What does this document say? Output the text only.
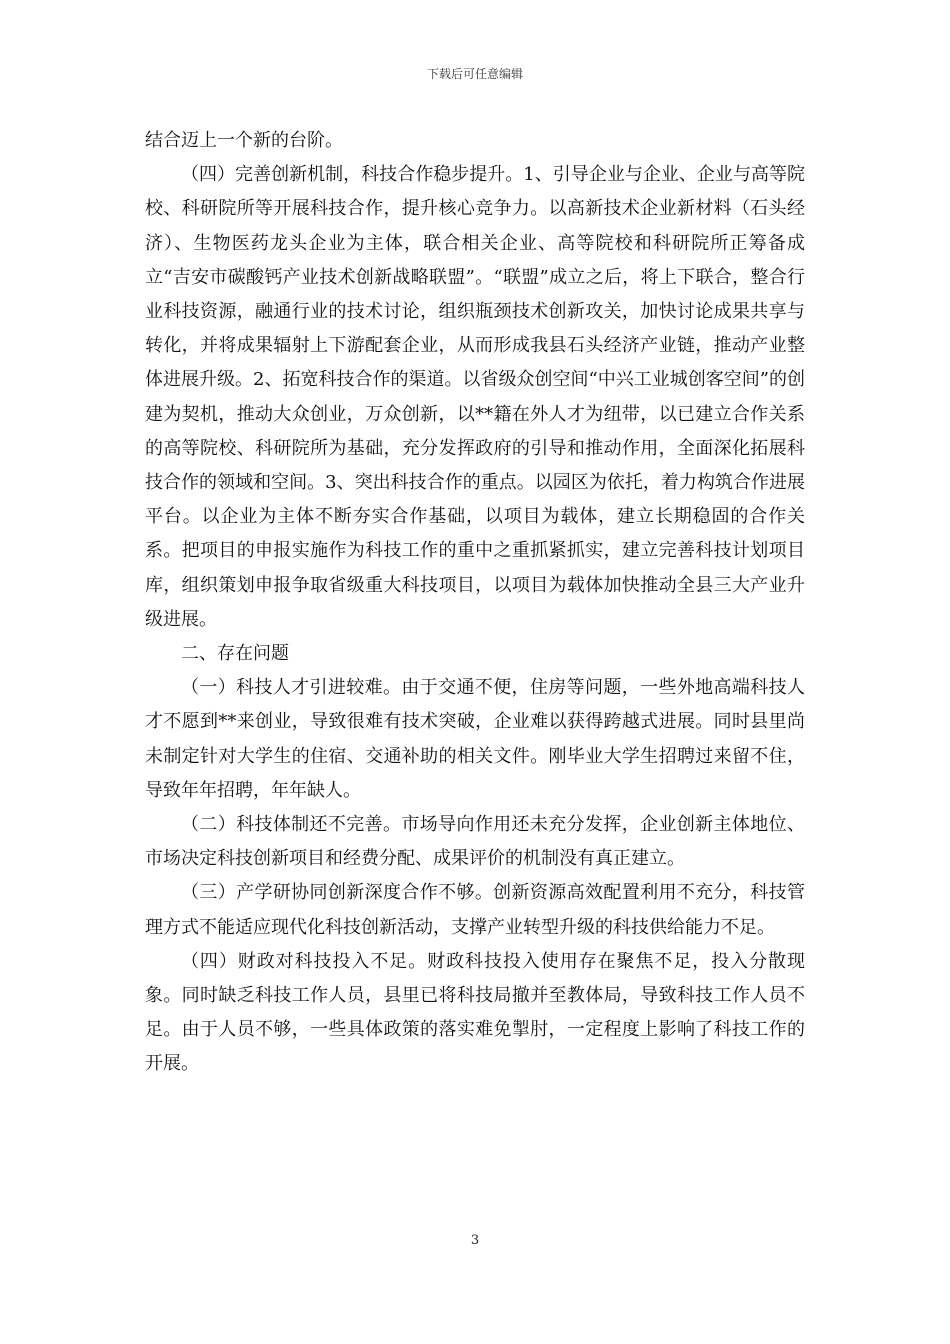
下载后可任意编辑

结合迈上一个新的台阶。

（四）完善创新机制，科技合作稳步提升。1、引导企业与企业、企业与高等院校、科研院所等开展科技合作，提升核心竞争力。以高新技术企业新材料（石头经济）、生物医药龙头企业为主体，联合相关企业、高等院校和科研院所正筹备成立“吉安市碳酸钙产业技术创新战略联盟”。“联盟”成立之后，将上下联合，整合行业科技资源，融通行业的技术讨论，组织瓶颈技术创新攻关，加快讨论成果共享与转化，并将成果辐射上下游配套企业，从而形成我县石头经济产业链，推动产业整体进展升级。2、拓宽科技合作的渠道。以省级众创空间“中兴工业城创客空间”的创建为契机，推动大众创业，万众创新，以**籍在外人才为纽带，以已建立合作关系的高等院校、科研院所为基础，充分发挥政府的引导和推动作用，全面深化拓展科技合作的领域和空间。3、突出科技合作的重点。以园区为依托，着力构筑合作进展平台。以企业为主体不断夯实合作基础，以项目为载体，建立长期稳固的合作关系。把项目的申报实施作为科技工作的重中之重抓紧抓实，建立完善科技计划项目库，组织策划申报争取省级重大科技项目，以项目为载体加快推动全县三大产业升级进展。

二、存在问题

（一）科技人才引进较难。由于交通不便，住房等问题，一些外地高端科技人才不愿到**来创业，导致很难有技术突破，企业难以获得跨越式进展。同时县里尚未制定针对大学生的住宿、交通补助的相关文件。刚毕业大学生招聘过来留不住，导致年年招聘，年年缺人。

（二）科技体制还不完善。市场导向作用还未充分发挥，企业创新主体地位、市场决定科技创新项目和经费分配、成果评价的机制没有真正建立。

（三）产学研协同创新深度合作不够。创新资源高效配置利用不充分，科技管理方式不能适应现代化科技创新活动，支撑产业转型升级的科技供给能力不足。

（四）财政对科技投入不足。财政科技投入使用存在聚焦不足，投入分散现象。同时缺乏科技工作人员，县里已将科技局撤并至教体局，导致科技工作人员不足。由于人员不够，一些具体政策的落实难免掣肘，一定程度上影响了科技工作的开展。

3
